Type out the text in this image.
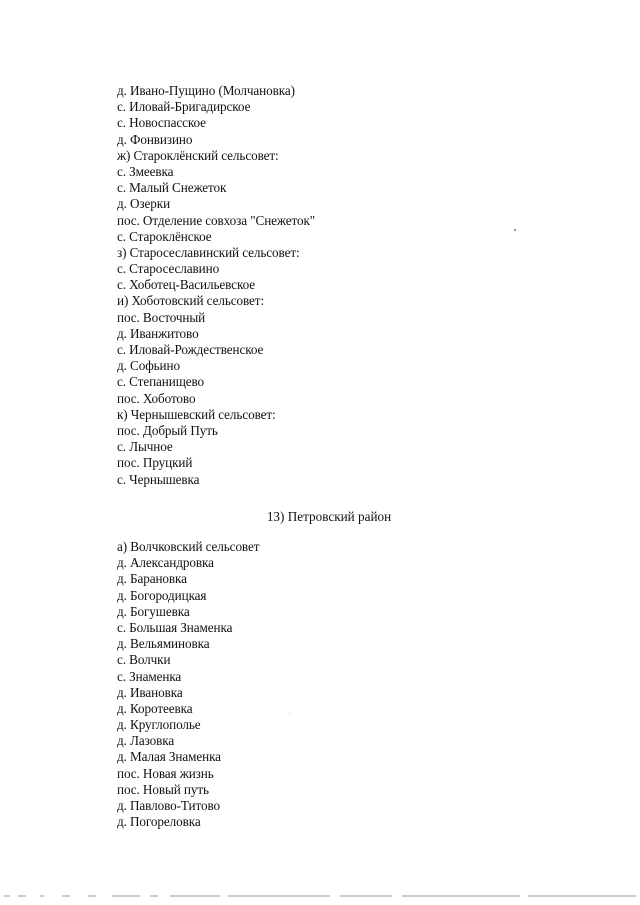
д. Ивано-Пущино (Молчановка)
с. Иловай-Бригадирское
с. Новоспасское
д. Фонвизино
ж) Староклёнский сельсовет:
с. Змеевка
с. Малый Снежеток
д. Озерки
пос. Отделение совхоза "Снежеток"
с. Староклёнское
з) Старосеславинский сельсовет:
с. Старосеславино
с. Хоботец-Васильевское
и) Хоботовский сельсовет:
пос. Восточный
д. Иванжитово
с. Иловай-Рождественское
д. Софьино
с. Степанищево
пос. Хоботово
к) Чернышевский сельсовет:
пос. Добрый Путь
с. Лычное
пос. Пруцкий
с. Чернышевка
13) Петровский район
а) Волчковский сельсовет
д. Александровка
д. Барановка
д. Богородицкая
д. Богушевка
с. Большая Знаменка
д. Вельяминовка
с. Волчки
с. Знаменка
д. Ивановка
д. Коротеевка
д. Круглополье
д. Лазовка
д. Малая Знаменка
пос. Новая жизнь
пос. Новый путь
д. Павлово-Титово
д. Погореловка
